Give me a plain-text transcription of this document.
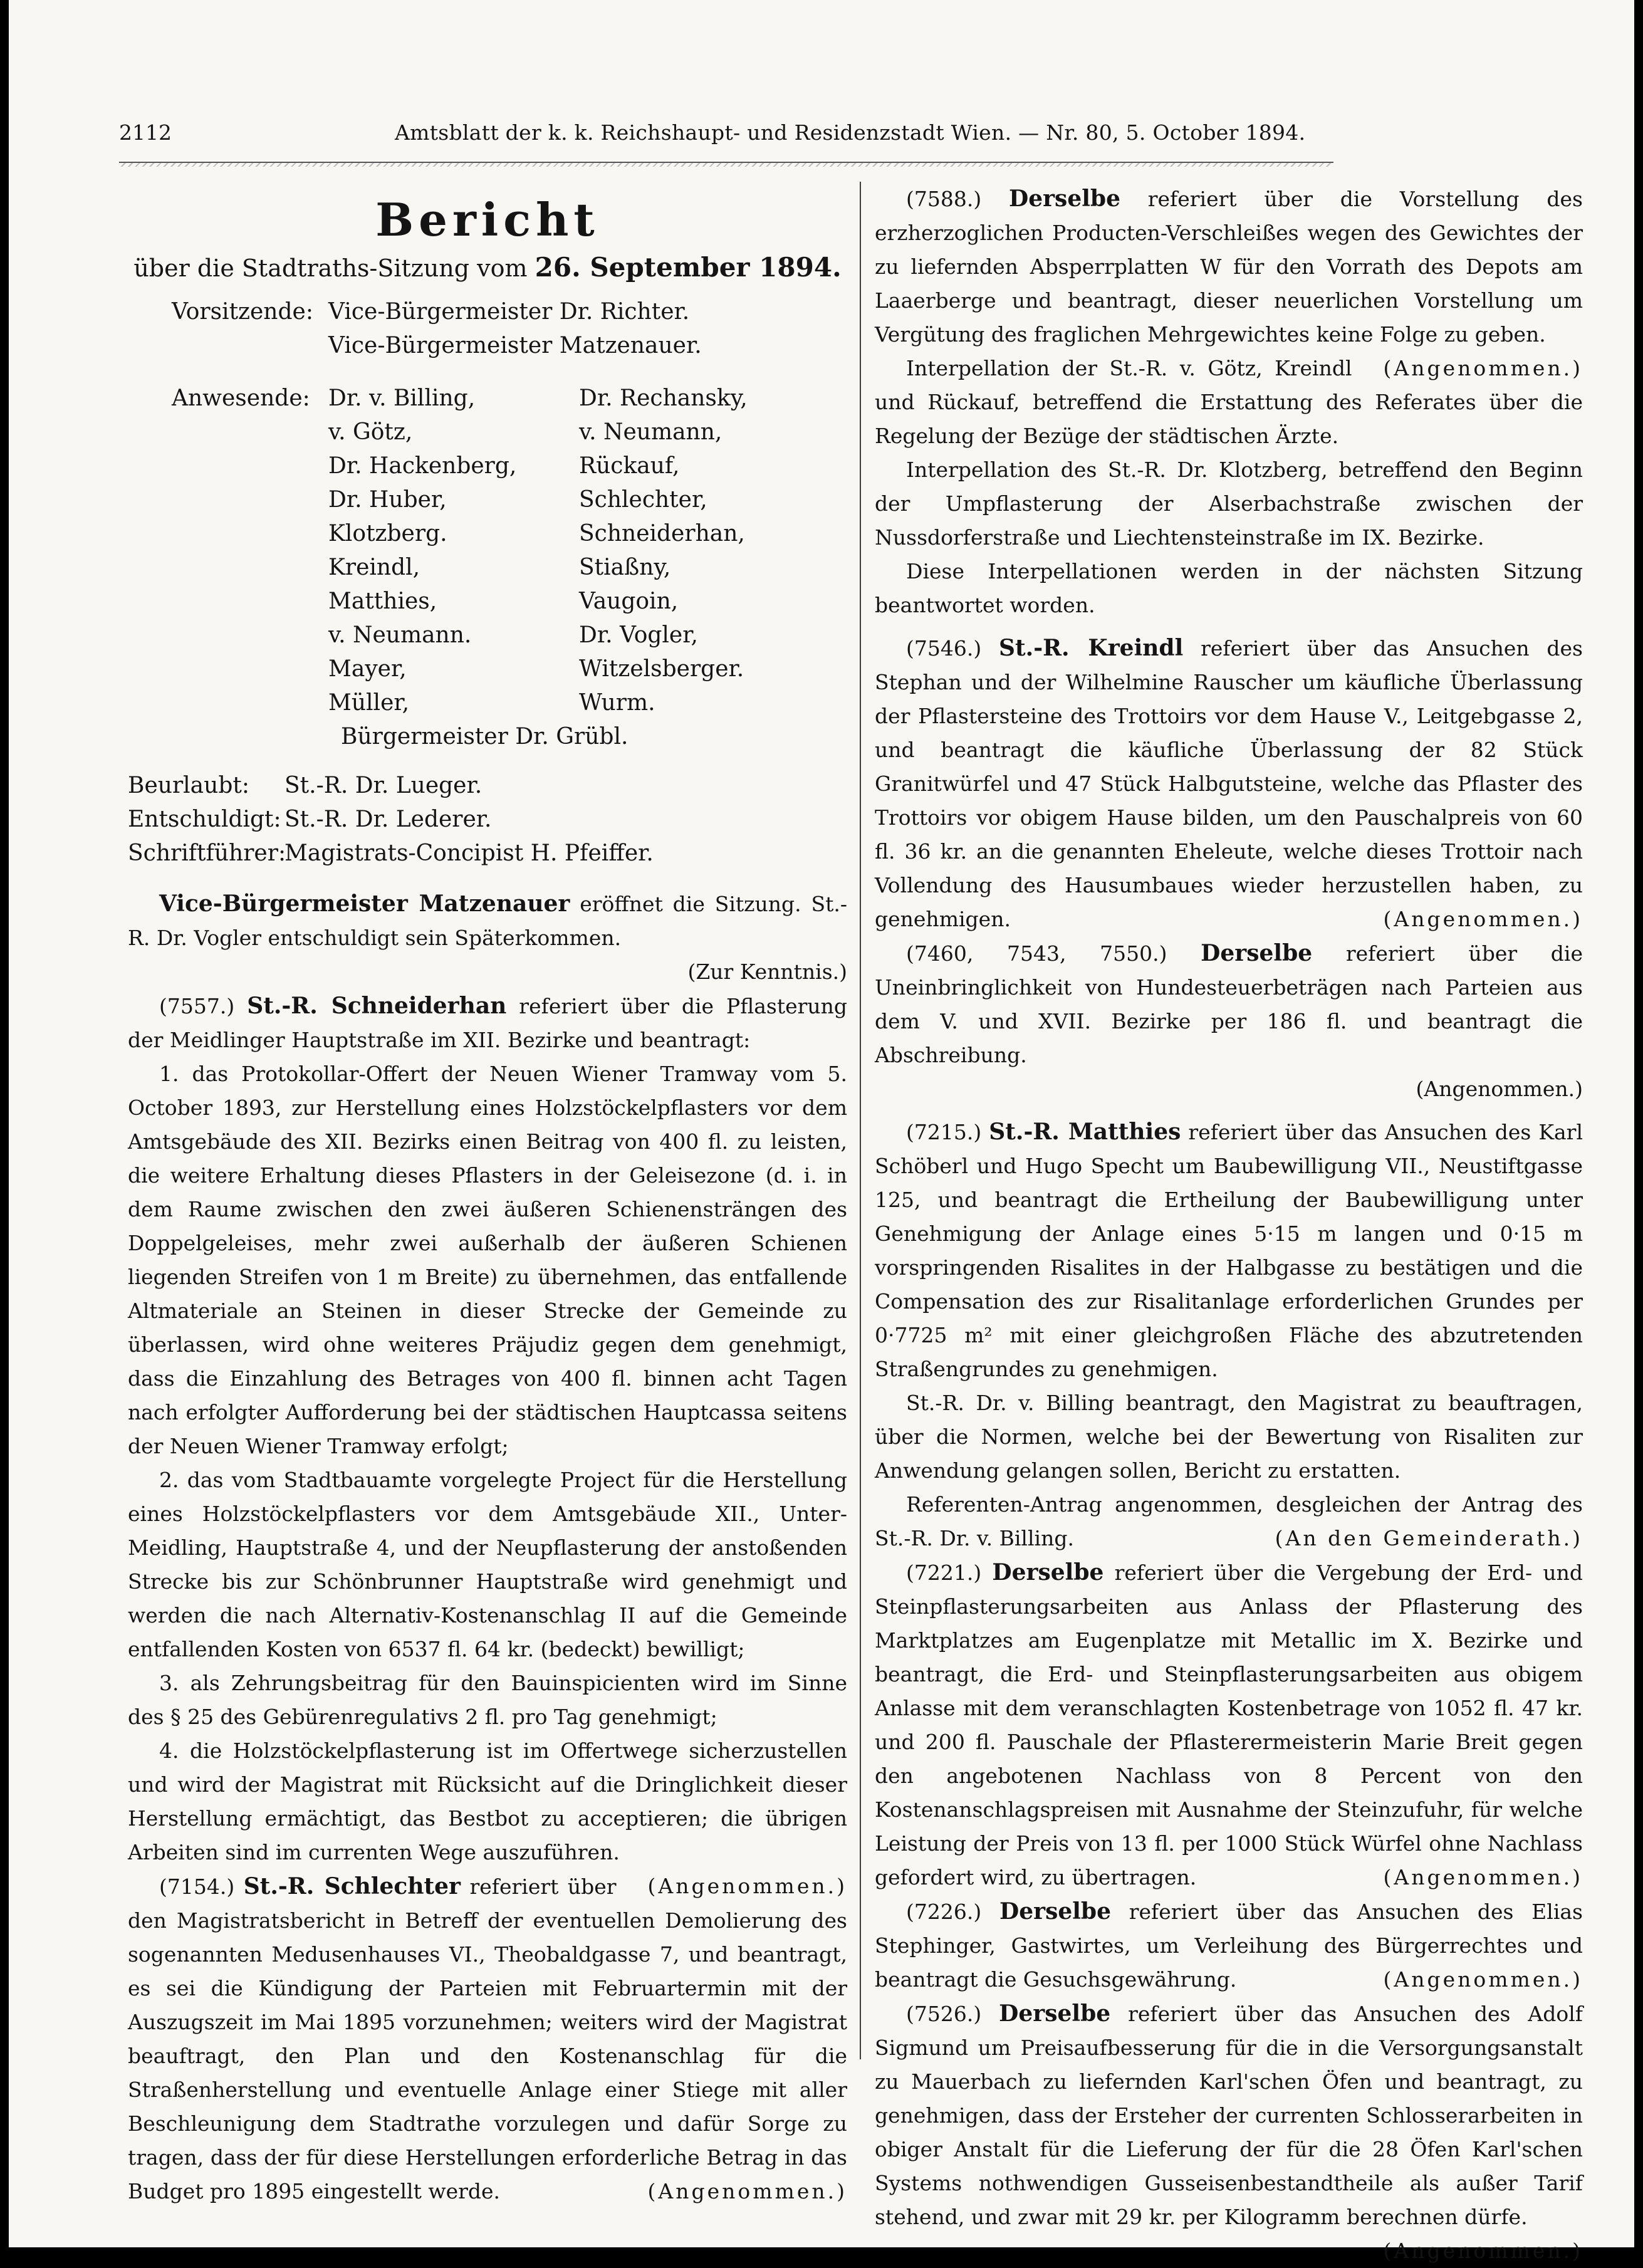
2112	Amtsblatt der k. k. Reichshaupt- und Residenzstadt Wien. — Nr. 80, 5. October 1894.
Bericht
über die Stadtraths-Sitzung vom 26. September 1894.
Vorsitzende: Vice-Bürgermeister Dr. Richter.
Vice-Bürgermeister Matzenauer.
Anwesende: Dr. v. Billing,	Dr. Rechansky,
v. Götz,	v. Neumann,
Dr. Hackenberg,	Rückauf,
Dr. Huber,	Schlechter,
Klotzberg.	Schneiderhan,
Kreindl,	Stiaßny,
Matthies,	Vaugoin,
v. Neumann.	Dr. Vogler,
Mayer,	Witzelsberger.
Müller,	Wurm.
Bürgermeister Dr. Grübl.
Beurlaubt:	St.-R. Dr. Lueger.
Entschuldigt: St.-R. Dr. Lederer.
Schriftführer:
Magistrats-Concipist H. Pfeiffer.

Vice-Bürgermeister Matzenauer eröffnet die Sitzung. St.-R. Dr. Vogler entschuldigt sein Späterkommen.

(Zur Kenntnis.)

(7557.) St.-R. Schneiderhan referiert über die Pflasterung der Meidlinger Hauptstraße im XII. Bezirke und beantragt:

1. das Protokollar-Offert der Neuen Wiener Tramway vom 5. October 1893, zur Herstellung eines Holzstöckelpflasters vor dem Amtsgebäude des XII. Bezirks einen Beitrag von 400 fl. zu leisten, die weitere Erhaltung dieses Pflasters in der Geleisezone (d. i. in dem Raume zwischen den zwei äußeren Schienensträngen des Doppelgeleises, mehr zwei außerhalb der äußeren Schienen liegenden Streifen von 1 m Breite) zu übernehmen, das entfallende Altmateriale an Steinen in dieser Strecke der Gemeinde zu überlassen, wird ohne weiteres Präjudiz gegen dem genehmigt, dass die Einzahlung des Betrages von 400 fl. binnen acht Tagen nach erfolgter Aufforderung bei der städtischen Hauptcassa seitens der Neuen Wiener Tramway erfolgt;

2. das vom Stadtbauamte vorgelegte Project für die Herstellung eines Holzstöckelpflasters vor dem Amtsgebäude XII., Unter-Meidling, Hauptstraße 4, und der Neupflasterung der anstoßenden Strecke bis zur Schönbrunner Hauptstraße wird genehmigt und werden die nach Alternativ-Kostenanschlag II auf die Gemeinde entfallenden Kosten von 6537 fl. 64 kr. (bedeckt) bewilligt;

3. als Zehrungsbeitrag für den Bauinspicienten wird im Sinne des § 25 des Gebürenregulativs 2 fl. pro Tag genehmigt;

4. die Holzstöckelpflasterung ist im Offertwege sicherzustellen und wird der Magistrat mit Rücksicht auf die Dringlichkeit dieser Herstellung ermächtigt, das Bestbot zu acceptieren; die übrigen Arbeiten sind im currenten Wege auszuführen.
(Angenommen.)

(7154.) St.-R. Schlechter referiert über den Magistratsbericht in Betreff der eventuellen Demolierung des sogenannten Medusenhauses VI., Theobaldgasse 7, und beantragt, es sei die Kündigung der Parteien mit Februartermin mit der Auszugszeit im Mai 1895 vorzunehmen; weiters wird der Magistrat beauftragt, den Plan und den Kostenanschlag für die Straßenherstellung und eventuelle Anlage einer Stiege mit aller Beschleunigung dem Stadtrathe vorzulegen und dafür Sorge zu tragen, dass der für diese Herstellungen erforderliche Betrag in das Budget pro 1895 eingestellt werde.	(Angenommen.)

(7588.) Derselbe referiert über die Vorstellung des erzherzoglichen Producten-Verschleißes wegen des Gewichtes der zu liefernden Absperrplatten W für den Vorrath des Depots am Laaerberge und beantragt, dieser neuerlichen Vorstellung um Vergütung des fraglichen Mehrgewichtes keine Folge zu geben.
(Angenommen.)

Interpellation der St.-R. v. Götz, Kreindl und Rückauf, betreffend die Erstattung des Referates über die Regelung der Bezüge der städtischen Ärzte.

Interpellation des St.-R. Dr. Klotzberg, betreffend den Beginn der Umpflasterung der Alserbachstraße zwischen der Nussdorferstraße und Liechtensteinstraße im IX. Bezirke.

Diese Interpellationen werden in der nächsten Sitzung beantwortet worden.

(7546.) St.-R. Kreindl referiert über das Ansuchen des Stephan und der Wilhelmine Rauscher um käufliche Überlassung der Pflastersteine des Trottoirs vor dem Hause V., Leitgebgasse 2, und beantragt die käufliche Überlassung der 82 Stück Granitwürfel und 47 Stück Halbgutsteine, welche das Pflaster des Trottoirs vor obigem Hause bilden, um den Pauschalpreis von 60 fl. 36 kr. an die genannten Eheleute, welche dieses Trottoir nach Vollendung des Hausumbaues wieder herzustellen haben, zu genehmigen.	(Angenommen.)

(7460, 7543, 7550.) Derselbe referiert über die Uneinbringlichkeit von Hundesteuerbeträgen nach Parteien aus dem V. und XVII. Bezirke per 186 fl. und beantragt die Abschreibung.

(Angenommen.)

(7215.) St.-R. Matthies referiert über das Ansuchen des Karl Schöberl und Hugo Specht um Baubewilligung VII., Neustiftgasse 125, und beantragt die Ertheilung der Baubewilligung unter Genehmigung der Anlage eines 5·15 m langen und 0·15 m vorspringenden Risalites in der Halbgasse zu bestätigen und die Compensation des zur Risalitanlage erforderlichen Grundes per 0·7725 m² mit einer gleichgroßen Fläche des abzutretenden Straßengrundes zu genehmigen.

St.-R. Dr. v. Billing beantragt, den Magistrat zu beauftragen, über die Normen, welche bei der Bewertung von Risaliten zur Anwendung gelangen sollen, Bericht zu erstatten.

Referenten-Antrag angenommen, desgleichen der Antrag des St.-R. Dr. v. Billing.	(An den Gemeinderath.)

(7221.) Derselbe referiert über die Vergebung der Erd- und Steinpflasterungsarbeiten aus Anlass der Pflasterung des Marktplatzes am Eugenplatze mit Metallic im X. Bezirke und beantragt, die Erd- und Steinpflasterungsarbeiten aus obigem Anlasse mit dem veranschlagten Kostenbetrage von 1052 fl. 47 kr. und 200 fl. Pauschale der Pflasterermeisterin Marie Breit gegen den angebotenen Nachlass von 8 Percent von den Kostenanschlagspreisen mit Ausnahme der Steinzufuhr, für welche Leistung der Preis von 13 fl. per 1000 Stück Würfel ohne Nachlass gefordert wird, zu übertragen.	(Angenommen.)

(7226.) Derselbe referiert über das Ansuchen des Elias Stephinger, Gastwirtes, um Verleihung des Bürgerrechtes und beantragt die Gesuchsgewährung.	(Angenommen.)

(7526.) Derselbe referiert über das Ansuchen des Adolf Sigmund um Preisaufbesserung für die in die Versorgungsanstalt zu Mauerbach zu liefernden Karl'schen Öfen und beantragt, zu genehmigen, dass der Ersteher der currenten Schlosserarbeiten in obiger Anstalt für die Lieferung der für die 28 Öfen Karl'schen Systems nothwendigen Gusseisenbestandtheile als außer Tarif stehend, und zwar mit 29 kr. per Kilogramm berechnen dürfe.
(Angenommen.)
